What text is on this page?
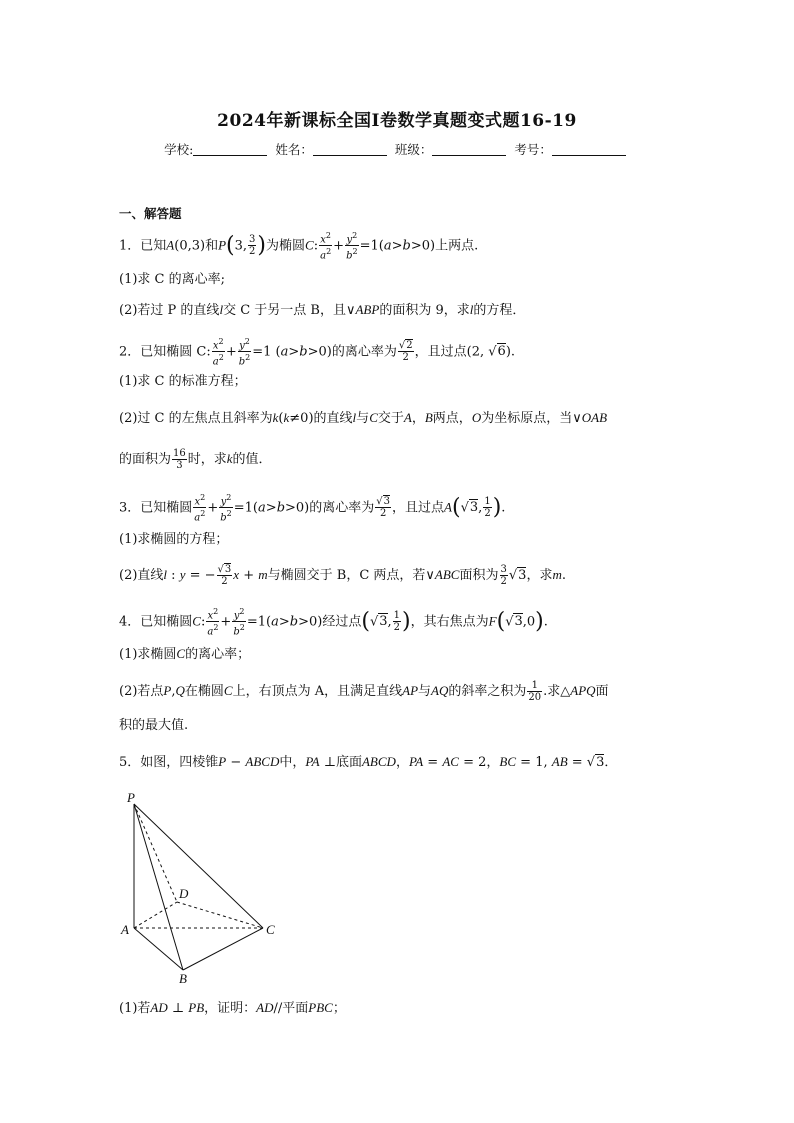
2024年新课标全国Ⅰ卷数学真题变式题16-19
学校:	姓名：	班级：	考号：
一、解答题
1．已知A(0,3)和P(3, $\frac{3}{2}$ )为椭圆C: $\frac{x^2}{a^2} + \frac{y^2}{b^2} =1(a>b>0)$上两点.
(1)求 C 的离心率;
(2)若过 P 的直线l交 C 于另一点 B，且∨ABP的面积为 9，求l的方程．
2．已知椭圆 C: $\frac{x^2}{a^2} + \frac{y^2}{b^2} =1$ (a>b>0)的离心率为 $\frac{√2}{2}$ ，且过点(2, √6).
(1)求 C 的标准方程；
(2)过 C 的左焦点且斜率为k(k≠0)的直线l与C交于A，B两点，O为坐标原点，当∨OAB
的面积为 $\frac{16}{3}$ 时，求k的值．
3．已知椭圆 $\frac{x^2}{a^2} + \frac{y^2}{b^2} =1(a>b>0)$的离心率为 $\frac{√3}{2}$ ，且过点A(√3, $\frac{1}{2}$ ).
(1)求椭圆的方程；
(2)直线l : y = − $\frac{√3}{2}$ x + m与椭圆交于 B，C 两点，若∨ABC面积为 $\frac{3}{2} √3$，求m.
4．已知椭圆C: $\frac{x^2}{a^2} + \frac{y^2}{b^2} =1(a>b>0)$经过点(√3, $\frac{1}{2}$ )，其右焦点为F(√3,0).
(1)求椭圆C的离心率；
(2)若点P,Q在椭圆C上，右顶点为 A，且满足直线AP与AQ的斜率之积为 $\frac{1}{20}$ .求△APQ面
积的最大值.
5．如图，四棱锥P − ABCD中，PA ⊥底面ABCD，PA = AC = 2，BC = 1, AB = √3．
P
D
A	C
B
(1)若AD ⊥ PB，证明：AD//平面PBC；
